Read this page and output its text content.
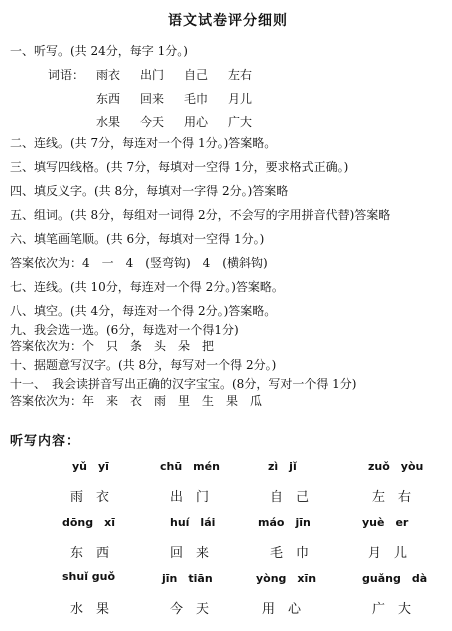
语文试卷评分细则
一、听写。(共 24分，每字 1分。)
词语： 雨衣 出门 自己 左右
东西 回来 毛巾 月儿
水果 今天 用心 广大
二、连线。(共 7分，每连对一个得 1分。)答案略。
三、填写四线格。(共 7分，每填对一空得 1分，要求格式正确。)
四、填反义字。(共 8分，每填对一字得 2分。)答案略
五、组词。(共 8分，每组对一词得 2分，不会写的字用拼音代替)答案略
六、填笔画笔顺。(共 6分，每填对一空得 1分。)
答案依次为：4　一　4　(竖弯钩)　4　(横斜钩)
七、连线。(共 10分，每连对一个得 2分。)答案略。
八、填空。(共 4分，每连对一个得 2分。)答案略。
九、我会选一选。(6分，每选对一个得1分)
答案依次为：个　只　条　头　朵　把
十、据题意写汉字。(共 8分，每写对一个得 2分。)
十一、　我会读拼音写出正确的汉字宝宝。(8分，写对一个得 1分)
答案依次为：年　来　衣　雨　里　生　果　瓜
听写内容：
yǔ　yī	chū　mén	zì　jǐ	zuǒ　yòu
雨　衣	出　门	自　己	左　右
dōng　xī	huí　lái	máo　jīn	yuè　er
东　西	回　来	毛　巾	月　儿
shuǐ guǒ	jīn　tiān	yòng　xīn	guǎng　dà
水　果	今　天	用　心	广　大
